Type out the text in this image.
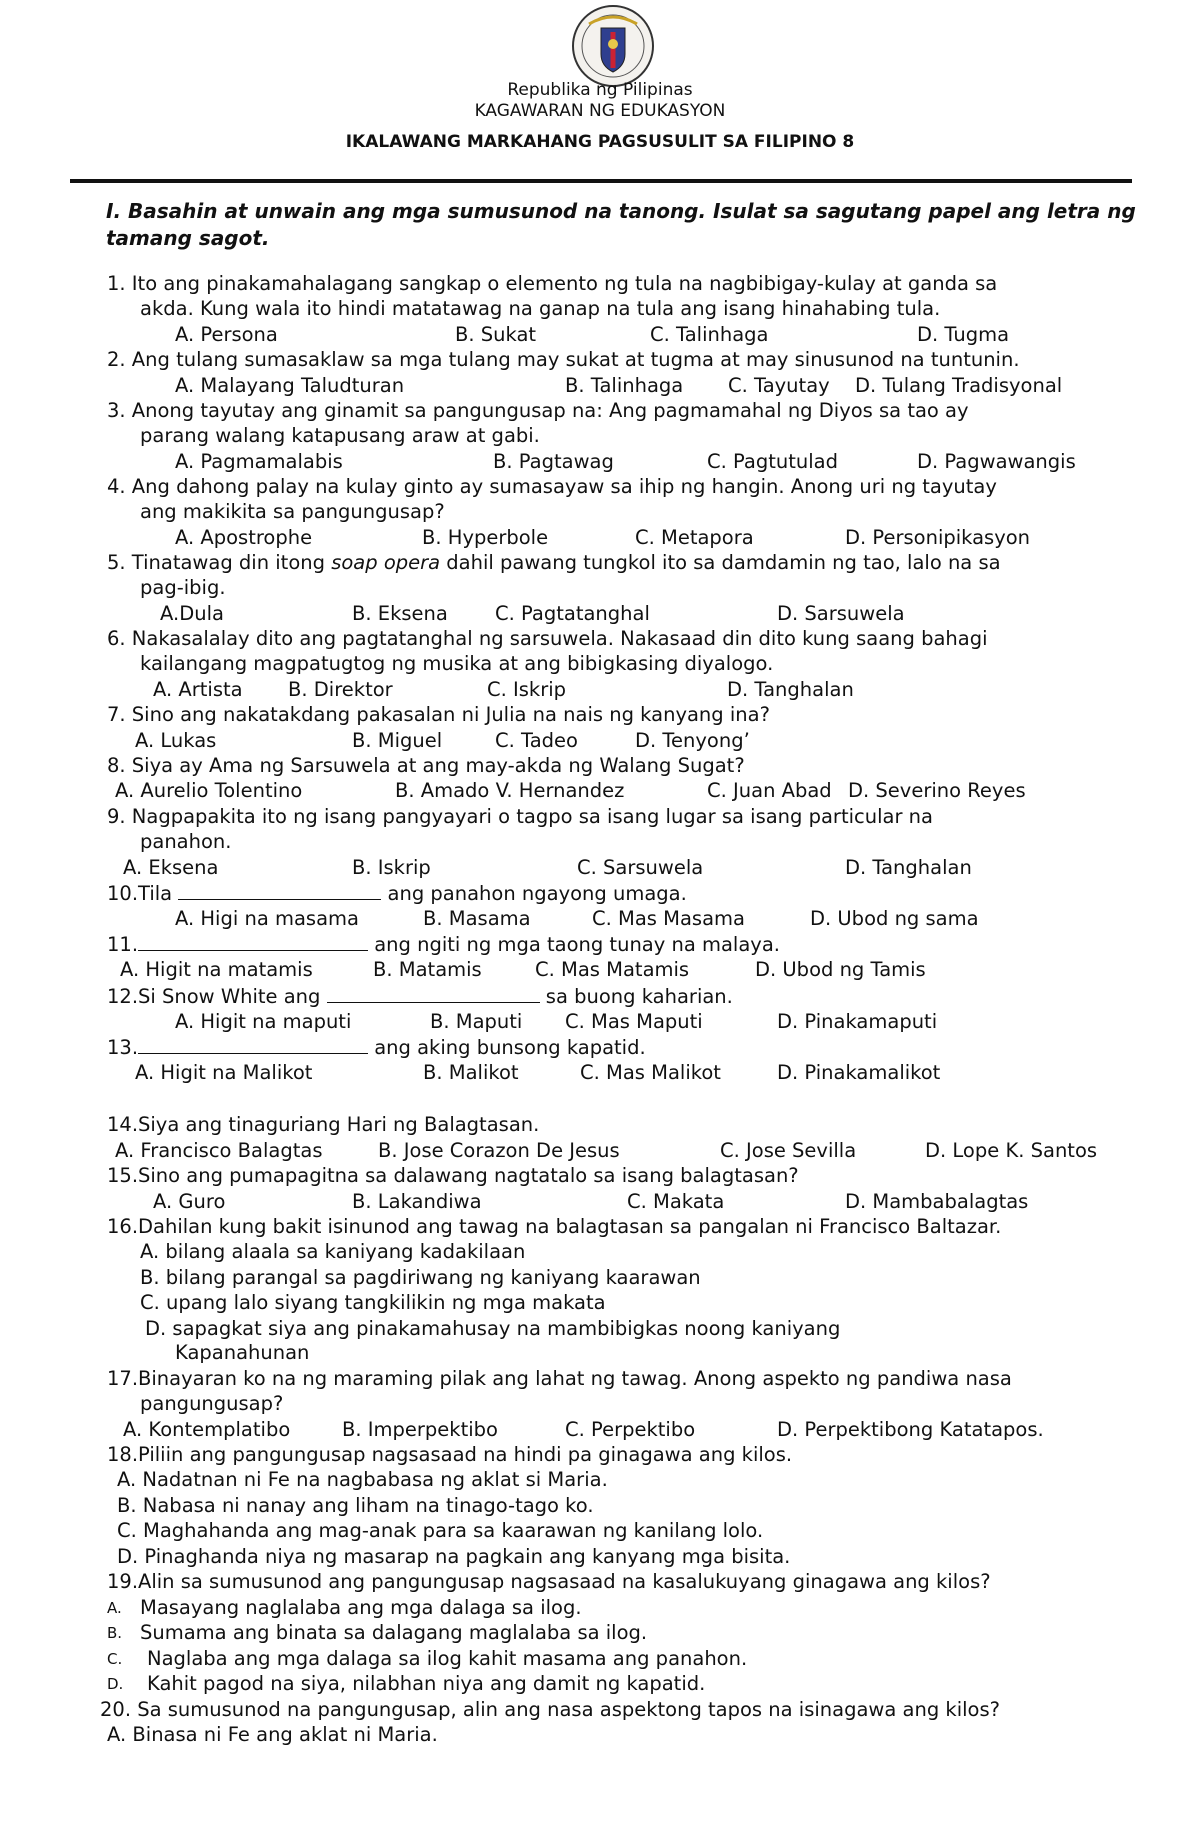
Republika ng Pilipinas
KAGAWARAN NG EDUKASYON
IKALAWANG MARKAHANG PAGSUSULIT SA FILIPINO 8
I. Basahin at unwain ang mga sumusunod na tanong. Isulat sa sagutang papel ang letra ng tamang sagot.
1. Ito ang pinakamahalagang sangkap o elemento ng tula na nagbibigay-kulay at ganda sa
akda. Kung wala ito hindi matatawag na ganap na tula ang isang hinahabing tula.
A. Persona	B. Sukat	C. Talinhaga	D. Tugma
2. Ang tulang sumasaklaw sa mga tulang may sukat at tugma at may sinusunod na tuntunin.
A. Malayang Taludturan	B. Talinhaga C. Tayutay D. Tulang Tradisyonal
3. Anong tayutay ang ginamit sa pangungusap na: Ang pagmamahal ng Diyos sa tao ay
parang walang katapusang araw at gabi.
A. Pagmamalabis	B. Pagtawag	C. Pagtutulad	D. Pagwawangis
4. Ang dahong palay na kulay ginto ay sumasayaw sa ihip ng hangin. Anong uri ng tayutay
ang makikita sa pangungusap?
A. Apostrophe	B. Hyperbole	C. Metapora	D. Personipikasyon
5. Tinatawag din itong soap opera dahil pawang tungkol ito sa damdamin ng tao, lalo na sa
pag-ibig.
A.Dula	B. Eksena C. Pagtatanghal	D. Sarsuwela
6. Nakasalalay dito ang pagtatanghal ng sarsuwela. Nakasaad din dito kung saang bahagi
kailangang magpatugtog ng musika at ang bibigkasing diyalogo.
A. Artista B. Direktor	C. Iskrip	D. Tanghalan
7. Sino ang nakatakdang pakasalan ni Julia na nais ng kanyang ina?
A. Lukas	B. Miguel	C. Tadeo	D. Tenyong’
8. Siya ay Ama ng Sarsuwela at ang may-akda ng Walang Sugat?
A. Aurelio Tolentino	B. Amado V. Hernandez	C. Juan Abad D. Severino Reyes
9. Nagpapakita ito ng isang pangyayari o tagpo sa isang lugar sa isang particular na
panahon.
A. Eksena	B. Iskrip	C. Sarsuwela	D. Tanghalan
10.Tila	ang panahon ngayong umaga.
A. Higi na masama	B. Masama	C. Mas Masama	D. Ubod ng sama
11.	ang ngiti ng mga taong tunay na malaya.
A. Higit na matamis	B. Matamis	C. Mas Matamis	D. Ubod ng Tamis
12.Si Snow White ang	sa buong kaharian.
A. Higit na maputi	B. Maputi C. Mas Maputi	D. Pinakamaputi
13.	ang aking bunsong kapatid.
A. Higit na Malikot	B. Malikot	C. Mas Malikot	D. Pinakamalikot
14.Siya ang tinaguriang Hari ng Balagtasan.
A. Francisco Balagtas	B. Jose Corazon De Jesus	C. Jose Sevilla	D. Lope K. Santos
15.Sino ang pumapagitna sa dalawang nagtatalo sa isang balagtasan?
A. Guro	B. Lakandiwa	C. Makata	D. Mambabalagtas
16.Dahilan kung bakit isinunod ang tawag na balagtasan sa pangalan ni Francisco Baltazar.
A. bilang alaala sa kaniyang kadakilaan
B. bilang parangal sa pagdiriwang ng kaniyang kaarawan
C. upang lalo siyang tangkilikin ng mga makata
D. sapagkat siya ang pinakamahusay na mambibigkas noong kaniyang
Kapanahunan
17.Binayaran ko na ng maraming pilak ang lahat ng tawag. Anong aspekto ng pandiwa nasa
pangungusap?
A. Kontemplatibo	B. Imperpektibo	C. Perpektibo	D. Perpektibong Katatapos.
18.Piliin ang pangungusap nagsasaad na hindi pa ginagawa ang kilos.
A. Nadatnan ni Fe na nagbabasa ng aklat si Maria.
B. Nabasa ni nanay ang liham na tinago-tago ko.
C. Maghahanda ang mag-anak para sa kaarawan ng kanilang lolo.
D. Pinaghanda niya ng masarap na pagkain ang kanyang mga bisita.
19.Alin sa sumusunod ang pangungusap nagsasaad na kasalukuyang ginagawa ang kilos?
A. Masayang naglalaba ang mga dalaga sa ilog.
B. Sumama ang binata sa dalagang maglalaba sa ilog.
C. Naglaba ang mga dalaga sa ilog kahit masama ang panahon.
D. Kahit pagod na siya, nilabhan niya ang damit ng kapatid.
20. Sa sumusunod na pangungusap, alin ang nasa aspektong tapos na isinagawa ang kilos?
A. Binasa ni Fe ang aklat ni Maria.
